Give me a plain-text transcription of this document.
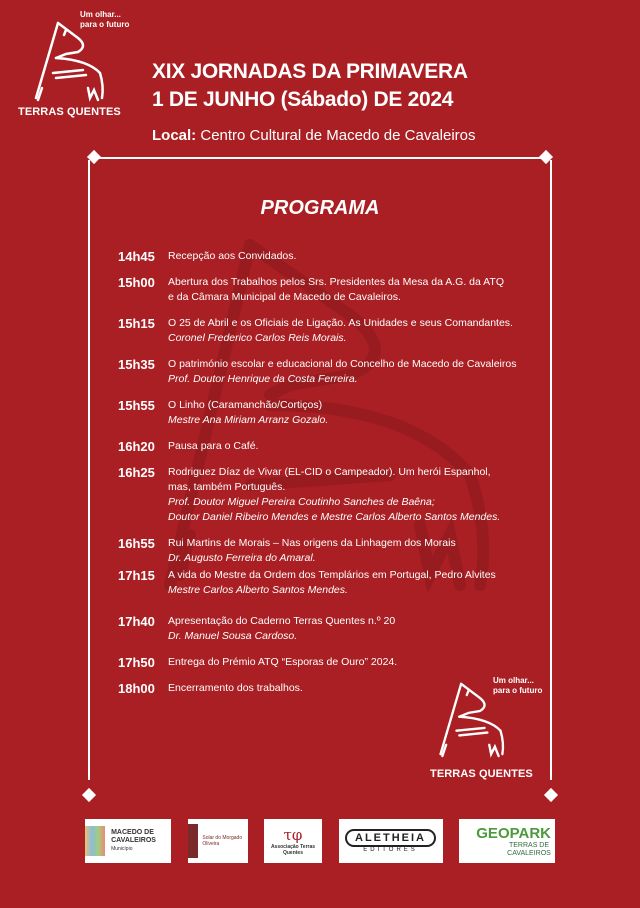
Um olhar...
para o futuro
TERRAS QUENTES
XIX JORNADAS DA PRIMAVERA
1 DE JUNHO (Sábado) DE 2024
Local: Centro Cultural de Macedo de Cavaleiros
PROGRAMA
14h45	Recepção aos Convidados.
15h00	Abertura dos Trabalhos pelos Srs. Presidentes da Mesa da A.G. da ATQ
e da Câmara Municipal de Macedo de Cavaleiros.
15h15	O 25 de Abril e os Oficiais de Ligação. As Unidades e seus Comandantes.
Coronel Frederico Carlos Reis Morais.
15h35	O património escolar e educacional do Concelho de Macedo de Cavaleiros
Prof. Doutor Henrique da Costa Ferreira.
15h55	O Linho (Caramanchão/Cortiços)
Mestre Ana Miriam Arranz Gozalo.
16h20	Pausa para o Café.
16h25	Rodriguez Díaz de Vivar (EL-CID o Campeador). Um herói Espanhol,
mas, também Português.
Prof. Doutor Miguel Pereira Coutinho Sanches de Baêna;
Doutor Daniel Ribeiro Mendes e Mestre Carlos Alberto Santos Mendes.
16h55	Rui Martins de Morais – Nas origens da Linhagem dos Morais
Dr. Augusto Ferreira do Amaral.
17h15	A vida do Mestre da Ordem dos Templários em Portugal, Pedro Alvites
Mestre Carlos Alberto Santos Mendes.
17h40	Apresentação do Caderno Terras Quentes n.º 20
Dr. Manuel Sousa Cardoso.
17h50	Entrega do Prémio ATQ “Esporas de Ouro” 2024.
18h00	Encerramento dos trabalhos.
Um olhar...
para o futuro
TERRAS QUENTES
MACEDO DE CAVALEIROS
Município
Solar do Morgado Oliveira	τφ
Associação Terras Quentes
ALETHEIA
EDITORES
GEOPARK
TERRAS DE CAVALEIROS
